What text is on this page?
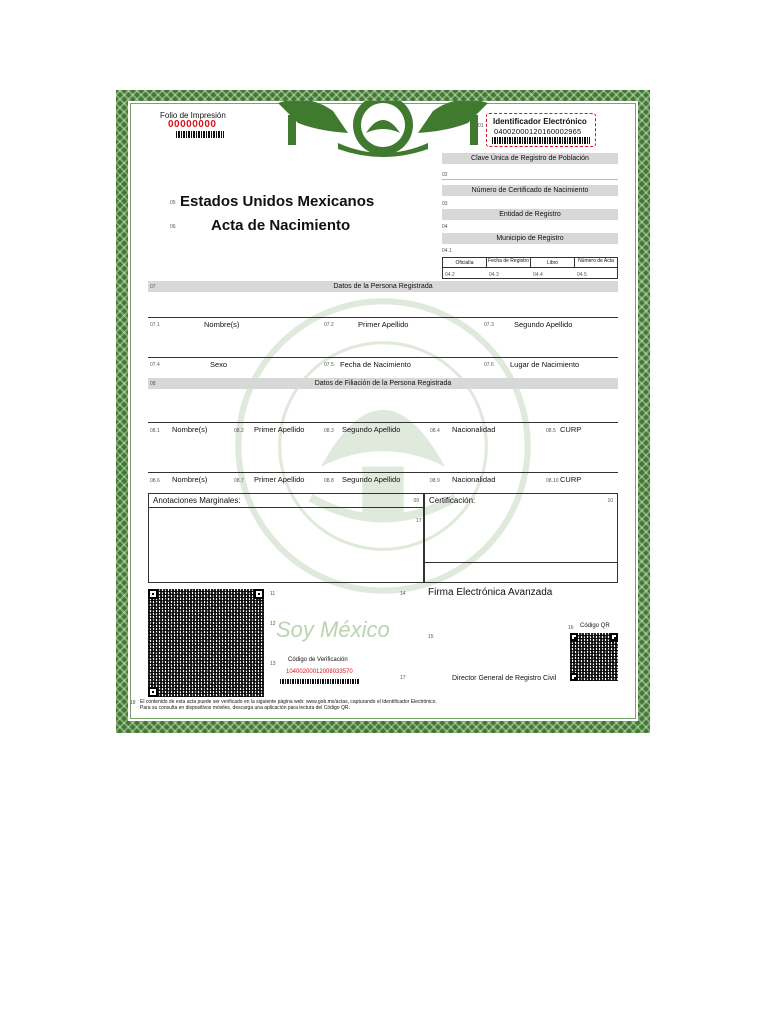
Folio de Impresión
00000000	01 Identificador Electrónico
04002000120160002965
Clave Única de Registro de Población
02
Número de Certificado de Nacimiento
03
Entidad de Registro
04
Municipio de Registro
04.1
05 Estados Unidos Mexicanos
06 Acta de Nacimiento
Oficialía	Fecha de Registro	Libro	Número de Acta
04.2	04.3	04.4	04.5
Datos de la Persona Registrada
07
07.1	Nombre(s)	07.2	Primer Apellido	07.3	Segundo Apellido
07.4	Sexo	07.5 Fecha de Nacimiento	07.6 Lugar de Nacimiento
Datos de Filiación de la Persona Registrada
08
08.1 Nombre(s)	08.2 Primer Apellido	08.3 Segundo Apellido	08.4 Nacionalidad	08.5 CURP
08.6 Nombre(s)	08.7 Primer Apellido	08.8 Segundo Apellido	08.9 Nacionalidad	08.10 CURP
Anotaciones Marginales:	09	Certificación:	10
17
11
12
13
14
15
16
17
18
Firma Electrónica Avanzada
Soy México
Código de Verificación
10400200012008033570
Código QR
Director General de Registro Civil
El contenido de esta acta puede ser verificado en la siguiente página web: www.gob.mx/actas, capturando el Identificador Electrónico.
Para su consulta en dispositivos móviles, descarga una aplicación para lectura del Código QR.
